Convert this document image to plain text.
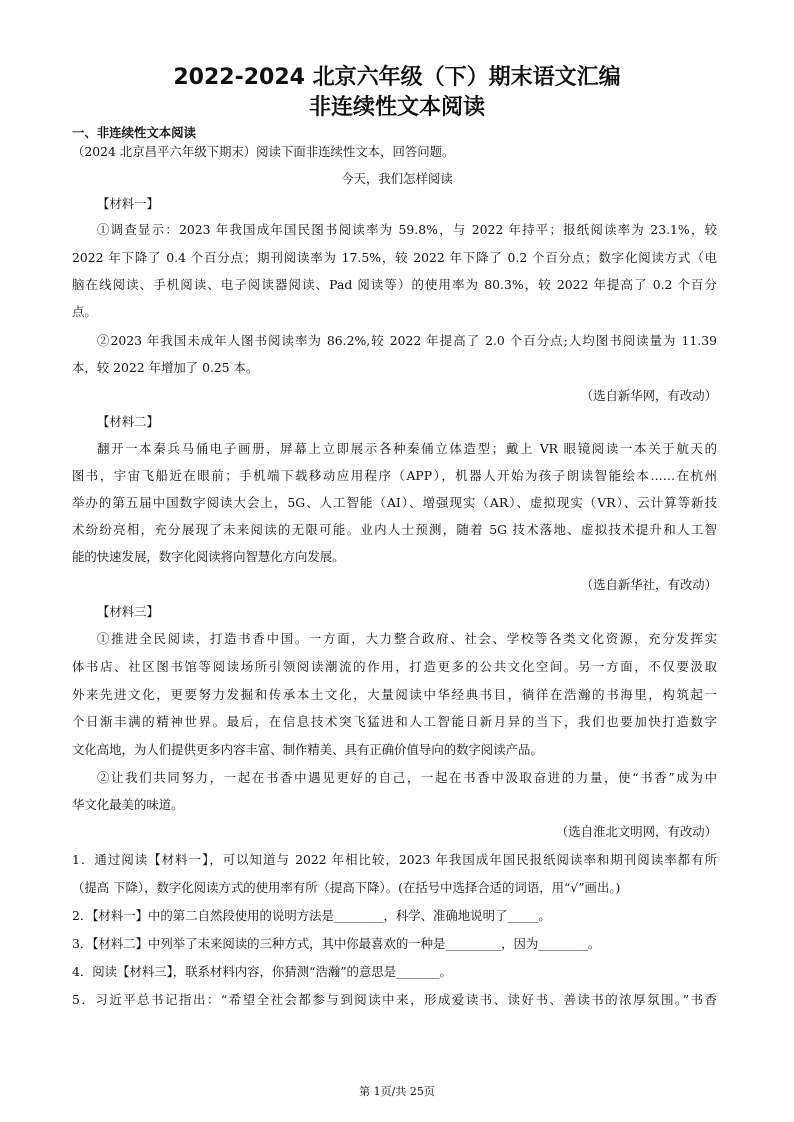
2022-2024 北京六年级（下）期末语文汇编
非连续性文本阅读

一、非连续性文本阅读

（2024 北京昌平六年级下期末）阅读下面非连续性文本，回答问题。

今天，我们怎样阅读

【材料一】

①调查显示：2023 年我国成年国民图书阅读率为 59.8%，与 2022 年持平；报纸阅读率为 23.1%，较

2022 年下降了 0.4 个百分点；期刊阅读率为 17.5%，较 2022 年下降了 0.2 个百分点；数字化阅读方式（电

脑在线阅读、手机阅读、电子阅读器阅读、Pad 阅读等）的使用率为 80.3%，较 2022 年提高了 0.2 个百分

点。

②2023 年我国未成年人图书阅读率为 86.2%,较 2022 年提高了 2.0 个百分点;人均图书阅读量为 11.39

本，较 2022 年增加了 0.25 本。

（选自新华网，有改动）

【材料二】

翻开一本秦兵马俑电子画册，屏幕上立即展示各种秦俑立体造型；戴上 VR 眼镜阅读一本关于航天的

图书，宇宙飞船近在眼前；手机端下载移动应用程序（APP），机器人开始为孩子朗读智能绘本……在杭州

举办的第五届中国数字阅读大会上，5G、人工智能（AI）、增强现实（AR）、虚拟现实（VR）、云计算等新技

术纷纷亮相，充分展现了未来阅读的无限可能。业内人士预测，随着 5G 技术落地、虚拟技术提升和人工智

能的快速发展，数字化阅读将向智慧化方向发展。

（选自新华社，有改动）

【材料三】

①推进全民阅读，打造书香中国。一方面，大力整合政府、社会、学校等各类文化资源，充分发挥实

体书店、社区图书馆等阅读场所引领阅读潮流的作用，打造更多的公共文化空间。另一方面，不仅要汲取

外来先进文化，更要努力发掘和传承本土文化，大量阅读中华经典书目，徜徉在浩瀚的书海里，构筑起一

个日渐丰满的精神世界。最后，在信息技术突飞猛进和人工智能日新月异的当下，我们也要加快打造数字

文化高地，为人们提供更多内容丰富、制作精美、具有正确价值导向的数字阅读产品。

②让我们共同努力，一起在书香中遇见更好的自己，一起在书香中汲取奋进的力量，使“书香”成为中

华文化最美的味道。

（选自淮北文明网，有改动）

1．通过阅读【材料一】，可以知道与 2022 年相比较，2023 年我国成年国民报纸阅读率和期刊阅读率都有所

（提高 下降），数字化阅读方式的使用率有所（提高下降）。(在括号中选择合适的词语，用“√”画出。)

2．【材料一】中的第二自然段使用的说明方法是________，科学、准确地说明了_____。

3．【材料二】中列举了未来阅读的三种方式，其中你最喜欢的一种是_________，因为________。

4．阅读【材料三】，联系材料内容，你猜测“浩瀚”的意思是_______。

5．习近平总书记指出：“希望全社会都参与到阅读中来，形成爱读书、读好书、善读书的浓厚氛围。”书香

第 1页/共 25页
